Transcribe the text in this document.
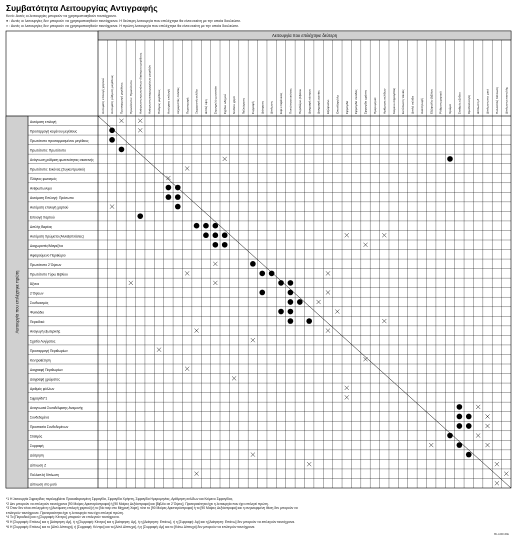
Συμβατότητα Λειτουργίας Αντιγραφής
Κενό: Αυτές οι λειτουργίες μπορούν να χρησιμοποιηθούν ταυτόχρονα.
● : Αυτές οι λειτουργίες δεν μπορούν να χρησιμοποιηθούν ταυτόχρονα. Η δεύτερη λειτουργία που επιλέχτηκε θα είναι εκείνη με την οποία δουλεύετε.
× : Αυτές οι λειτουργίες δεν μπορούν να χρησιμοποιηθούν ταυτόχρονα. Η πρώτη λειτουργία που επιλέχτηκε θα είναι εκείνη με την οποία δουλεύετε.
Λειτουργία που επιλέχτηκε δεύτερη
Λειτουργία που επιλέχτηκε πρώτη
Αυτόματη επιλογή χαρτιού Αυτόματη ρύθμιση μεγέθους Προσαρμογή μεγέθους Πρωτότυπο: Πρωτότυπο Ανάγνωση πρωτοτύπων ιδιαίτερου μεγέθους Ανάγνωση αναμεμιγμένων μεγεθών Πλάγιος μεγέθους Αυτόματη επιλογή Ξεχωριστές σελίδες Περιστροφή Ξεχωριστή σελίδα Διπλή όψη Στρογγυλό μονοπάτι Σχέδιο οδηγού Ένθετο χαρτί Ταξινόμηση Συρραφή Διάτρηση Δίπλωση Εφέ επιφάνειας Πυκνότητα εικόνας Περιθώριο βιβλίου Διαγραφή κέντρου Διαγραφή γωνίας Εξώφυλλο Οπισθόφυλλο Σφραγίδα Σφραγίδα σελίδας Σφραγίδα χρήστη Ημερομηνία Αρίθμηση σελίδων Κείμενο σφραγίδας Εκτύπωση ταινίας Διπλή σελίδα Αναστροφή Εξώφυλλο βιβλίου Ρύθμιση χαρτιού Χρώμα Σταθμός εξόδου Ομαδοποίηση Δίπλωση Ζ Δίπλωση στο μισό Πολλαπλή δίπλωση Δίπλωση επιστολής
Αυτόματη επιλογή
Προσαρμογή κειμένου μεγέθους
Πρωτότυπο προσαρμοσμένου μεγέθους
Πρωτότυπο: Πρωτότυπο
Ανάγνωση ρύθμιση φωτεινότητας σκοτεινής
Πρωτότυπο: Εικόνας (Συγκεντρωτικό)
Πλάγιος φωτισμός
Ανθρωπωνυμο
Αυτόματη Επιλογή: Πρόσωπο
Αυτόματη επιλογή χαρτιού
Επιλογή Χαρτιού
Διπλής Βαρέας
Αυτόματη Χρώματα (Αλλαξοπλάσεις)
Διαχωριστές/Μαγαζίνα
Αφαιρούμενο Περιθώριο
Πρωτότυπο 2 Όψεων
Πρωτότυπο Γύρω Βιβλίου
Άξονα
2 Όψεων
Συνδυασμός
Φυλλάδιο
Περιοδικό
Αναγωγή εξωτερικής
Σχεδία Λυγίματος
Προσαρμογή Περιθωρίων
Κεντροθέτηση
Διαγραφή Περιθωρίων
Διαγραφή χρώματος
Αριθμός φύλλων
Σφραγίδα*1
Αναγνωσιά Συναδέλφισης Αναμονής
Συνδεδεμένα
Προστασία Συνδεδεμένων
Σταθμός
Συρραφή
Διάτρηση
Δίπλωση Ζ
Πολλαπλή δίπλωση
Δίπλωση στο μισό
*1 Η λειτουργία Σφραγίδας περιλαμβάνει Προκαθορισμένη Σφραγίδα, Σφραγίδα Χρήστη, Σφραγίδα Ημερομηνίας, Αρίθμηση σελίδων και Κείμενο Σφραγίδας.
*2 Δεν μπορούν να επιλεγούν ταυτόχρονα [90 Μοίρες Αριστερόστροφα] ή [90 Μοίρες Δεξιόστροφα] και [Βιβλίο σε 2 Όψεις]. Προτεραιότητα έχει η λειτουργία που έχει επιλεγεί πρώτη.
*3 Όταν δεν είναι επιλεγμένη η [Αυτόματη επιλογή χαρτιού] ή το [Νο ταψ στο Μηχανή Χαρτ], τότε το [90 Μοίρες Αριστερόστροφα] ή το [90 Μοίρες Δεξιόστροφα] και η συγκεκριμένη θέση δεν μπορούν να
επιλεγούν ταυτόχρονα. Προτεραιότητα έχει η λειτουργία που έχει επιλεγεί πρώτη.
*4 Το [Περιοδικό] και η [Συρραφή: Κέντρο] μπορούν να επιλεγούν ταυτόχρονα.
*5 Η [Συρραφή: Επάνω] και η [Διάτρηση: Αρ], ή η [Συρραφή: Κέντρο] και η [Διάτρηση: Αρ], ή η [Διάτρηση: Επάνω], ή η [Συρραφή: Αρ] και η [Διάτρηση: Επάνω] δεν μπορούν να επιλεγούν ταυτόχρονα.
*6 Η [Συρραφή: Επάνω] και το [Δίπλ Δίπτυχα], ή [Συρραφή: Κέντρο] και το [Δίπλ Δίπτυχα], ή η [Συρραφή: Αρ] και το [Κάτω Δίπτυχα] δεν μπορούν να επιλεγούν ταυτόχρονα.
BLA001RE
